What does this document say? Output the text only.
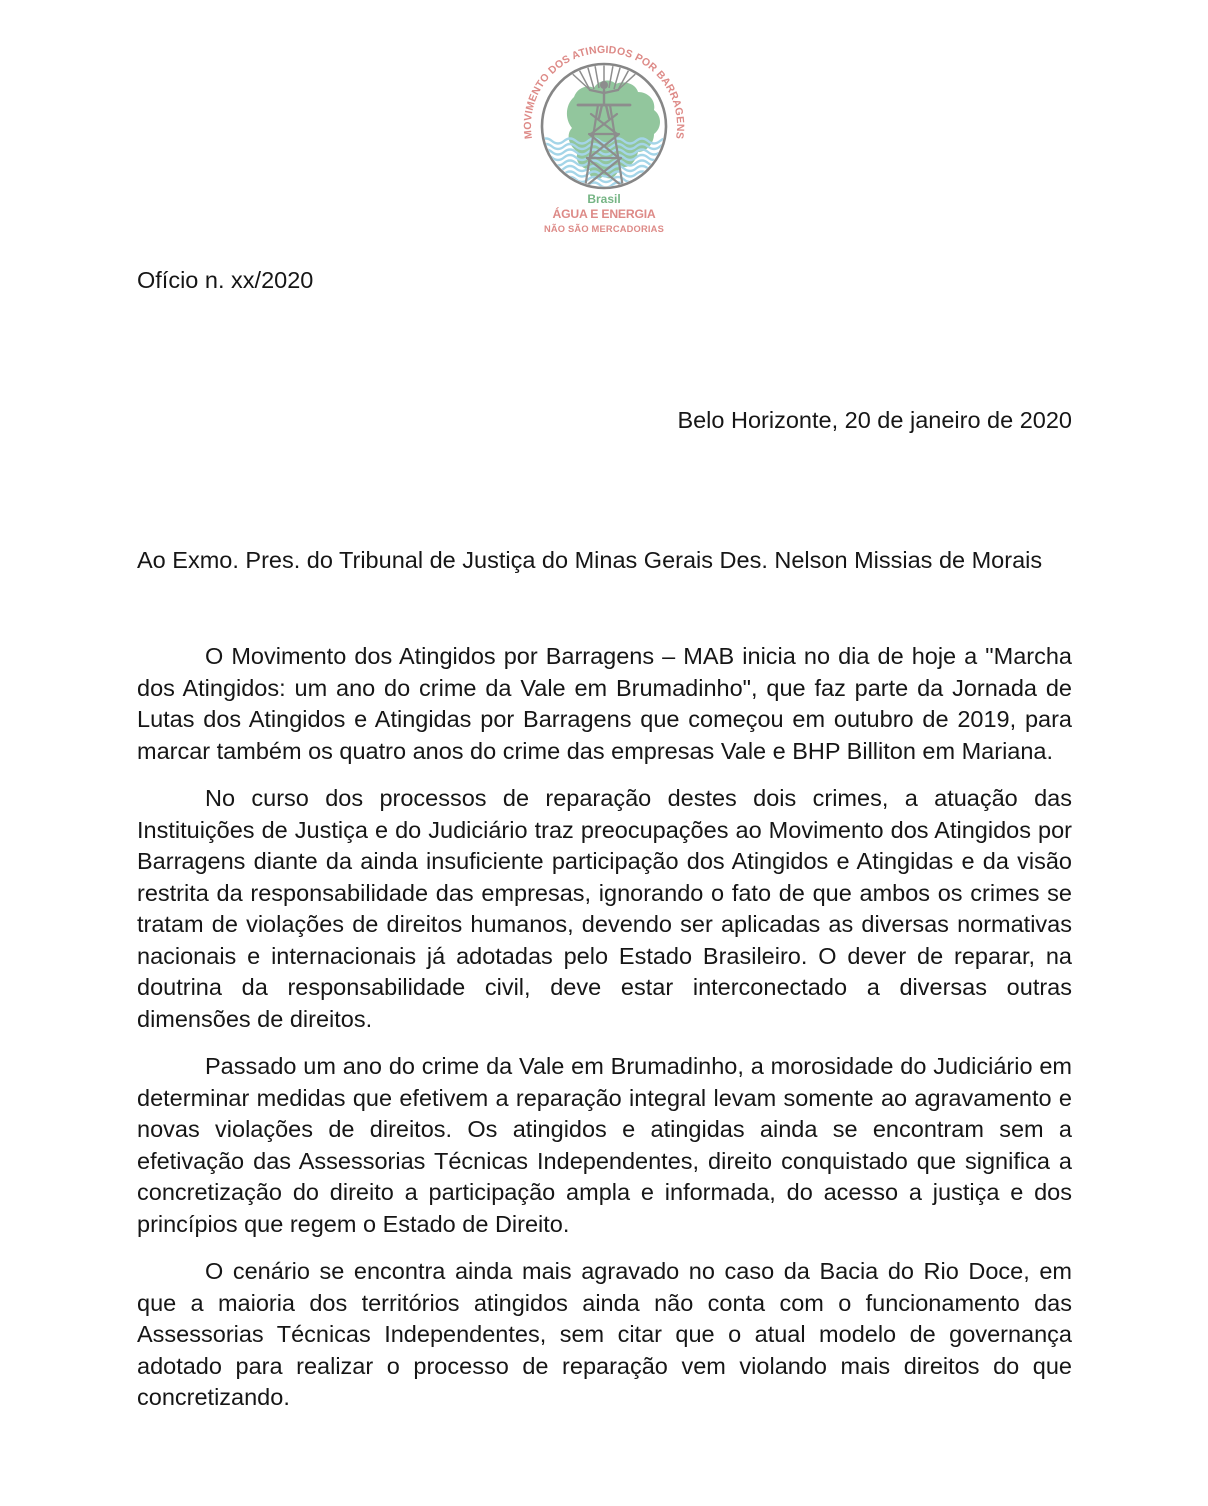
MOVIMENTO DOS ATINGIDOS POR BARRAGENS
Brasil
ÁGUA E ENERGIA
NÃO SÃO MERCADORIAS
Ofício n. xx/2020
Belo Horizonte, 20 de janeiro de 2020
Ao Exmo. Pres. do Tribunal de Justiça do Minas Gerais Des. Nelson Missias de Morais

O Movimento dos Atingidos por Barragens – MAB inicia no dia de hoje a "Marcha dos Atingidos: um ano do crime da Vale em Brumadinho", que faz parte da Jornada de Lutas dos Atingidos e Atingidas por Barragens que começou em outubro de 2019, para marcar também os quatro anos do crime das empresas Vale e BHP Billiton em Mariana.

No curso dos processos de reparação destes dois crimes, a atuação das Instituições de Justiça e do Judiciário traz preocupações ao Movimento dos Atingidos por Barragens diante da ainda insuficiente participação dos Atingidos e Atingidas e da visão restrita da responsabilidade das empresas, ignorando o fato de que ambos os crimes se tratam de violações de direitos humanos, devendo ser aplicadas as diversas normativas nacionais e internacionais já adotadas pelo Estado Brasileiro. O dever de reparar, na doutrina da responsabilidade civil, deve estar interconectado a diversas outras dimensões de direitos.

Passado um ano do crime da Vale em Brumadinho, a morosidade do Judiciário em determinar medidas que efetivem a reparação integral levam somente ao agravamento e novas violações de direitos. Os atingidos e atingidas ainda se encontram sem a efetivação das Assessorias Técnicas Independentes, direito conquistado que significa a concretização do direito a participação ampla e informada, do acesso a justiça e dos princípios que regem o Estado de Direito.

O cenário se encontra ainda mais agravado no caso da Bacia do Rio Doce, em que a maioria dos territórios atingidos ainda não conta com o funcionamento das Assessorias Técnicas Independentes, sem citar que o atual modelo de governança adotado para realizar o processo de reparação vem violando mais direitos do que concretizando.
